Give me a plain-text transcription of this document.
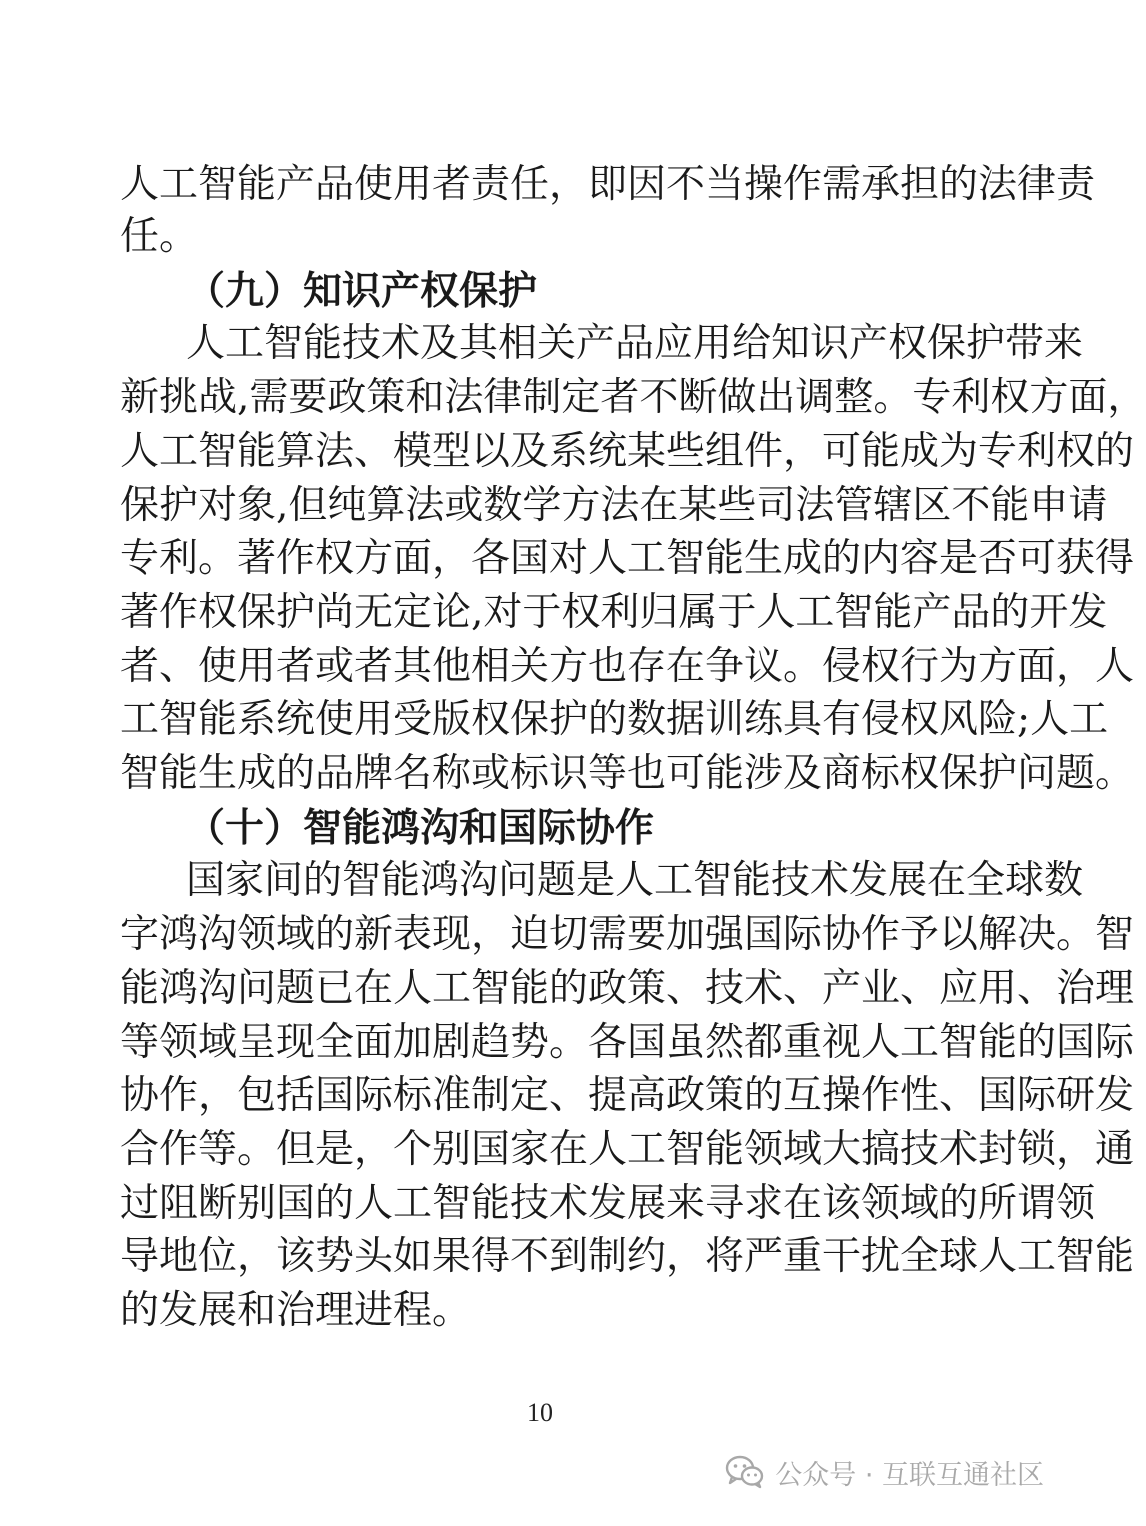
人工智能产品使用者责任，即因不当操作需承担的法律责
任。
（九）知识产权保护
人工智能技术及其相关产品应用给知识产权保护带来
新挑战,需要政策和法律制定者不断做出调整。专利权方面，
人工智能算法、模型以及系统某些组件，可能成为专利权的
保护对象,但纯算法或数学方法在某些司法管辖区不能申请
专利。著作权方面，各国对人工智能生成的内容是否可获得
著作权保护尚无定论,对于权利归属于人工智能产品的开发
者、使用者或者其他相关方也存在争议。侵权行为方面，人
工智能系统使用受版权保护的数据训练具有侵权风险;人工
智能生成的品牌名称或标识等也可能涉及商标权保护问题。
（十）智能鸿沟和国际协作
国家间的智能鸿沟问题是人工智能技术发展在全球数
字鸿沟领域的新表现，迫切需要加强国际协作予以解决。智
能鸿沟问题已在人工智能的政策、技术、产业、应用、治理
等领域呈现全面加剧趋势。各国虽然都重视人工智能的国际
协作，包括国际标准制定、提高政策的互操作性、国际研发
合作等。但是，个别国家在人工智能领域大搞技术封锁，通
过阻断别国的人工智能技术发展来寻求在该领域的所谓领
导地位，该势头如果得不到制约，将严重干扰全球人工智能
的发展和治理进程。
10
公众号 · 互联互通社区
